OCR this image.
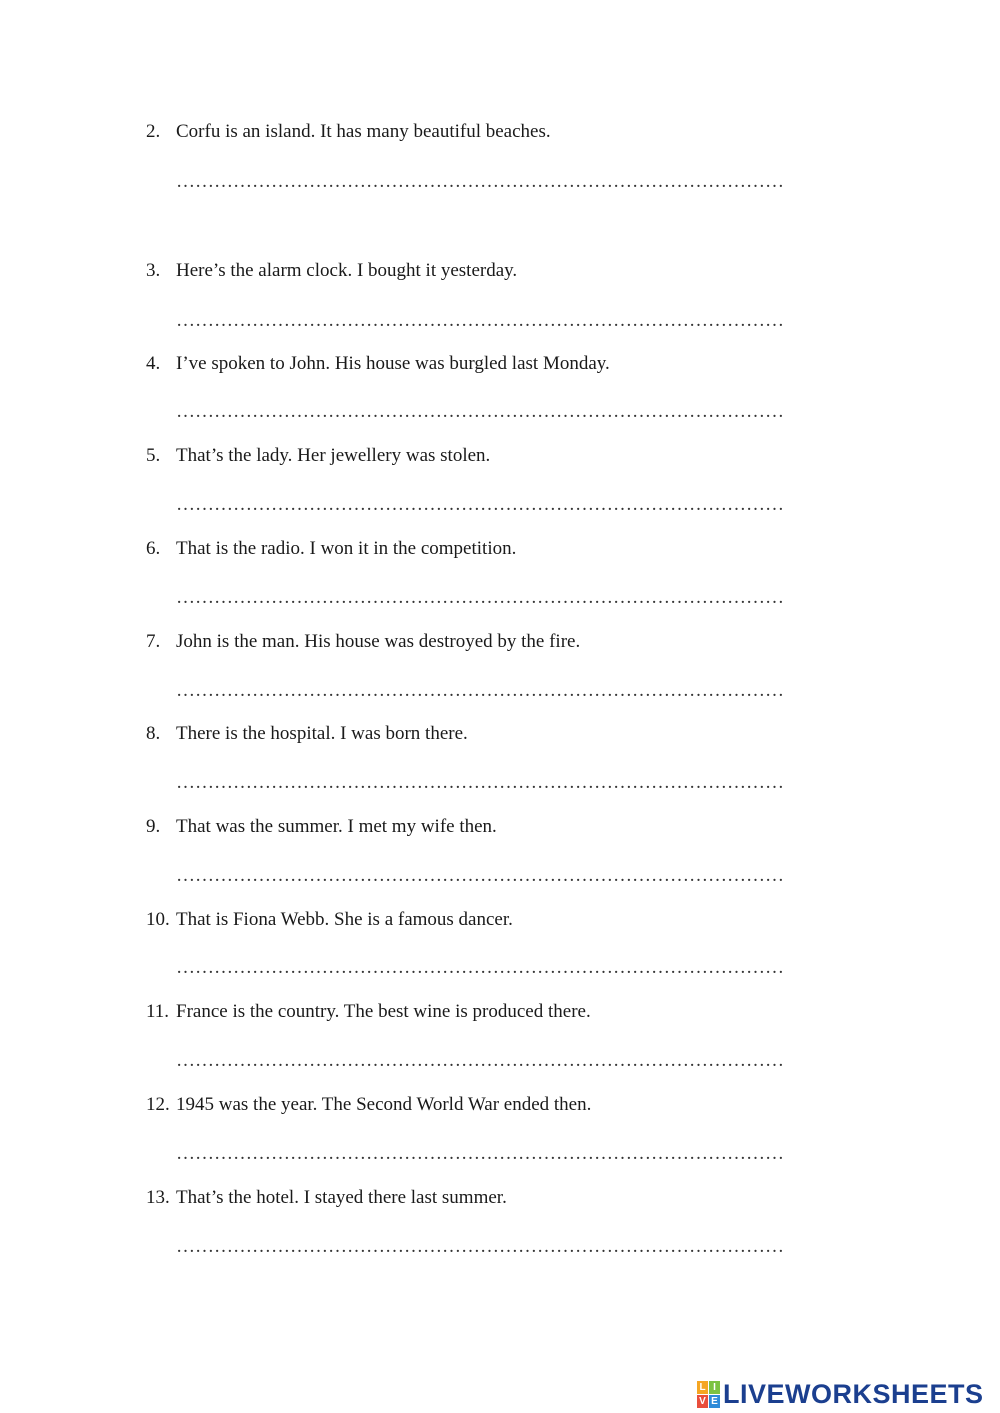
2. Corfu is an island. It has many beautiful beaches.
……………………………………………………………………………………
3. Here’s the alarm clock. I bought it yesterday.
……………………………………………………………………………………
4. I’ve spoken to John. His house was burgled last Monday.
……………………………………………………………………………………
5. That’s the lady. Her jewellery was stolen.
……………………………………………………………………………………
6. That is the radio. I won it in the competition.
……………………………………………………………………………………
7. John is the man. His house was destroyed by the fire.
……………………………………………………………………………………
8. There is the hospital. I was born there.
……………………………………………………………………………………
9. That was the summer. I met my wife then.
……………………………………………………………………………………
10. That is Fiona Webb. She is a famous dancer.
……………………………………………………………………………………
11. France is the country. The best wine is produced there.
……………………………………………………………………………………
12. 1945 was the year. The Second World War ended then.
……………………………………………………………………………………
13. That’s the hotel. I stayed there last summer.
……………………………………………………………………………………
L I
V E LIVEWORKSHEETS
